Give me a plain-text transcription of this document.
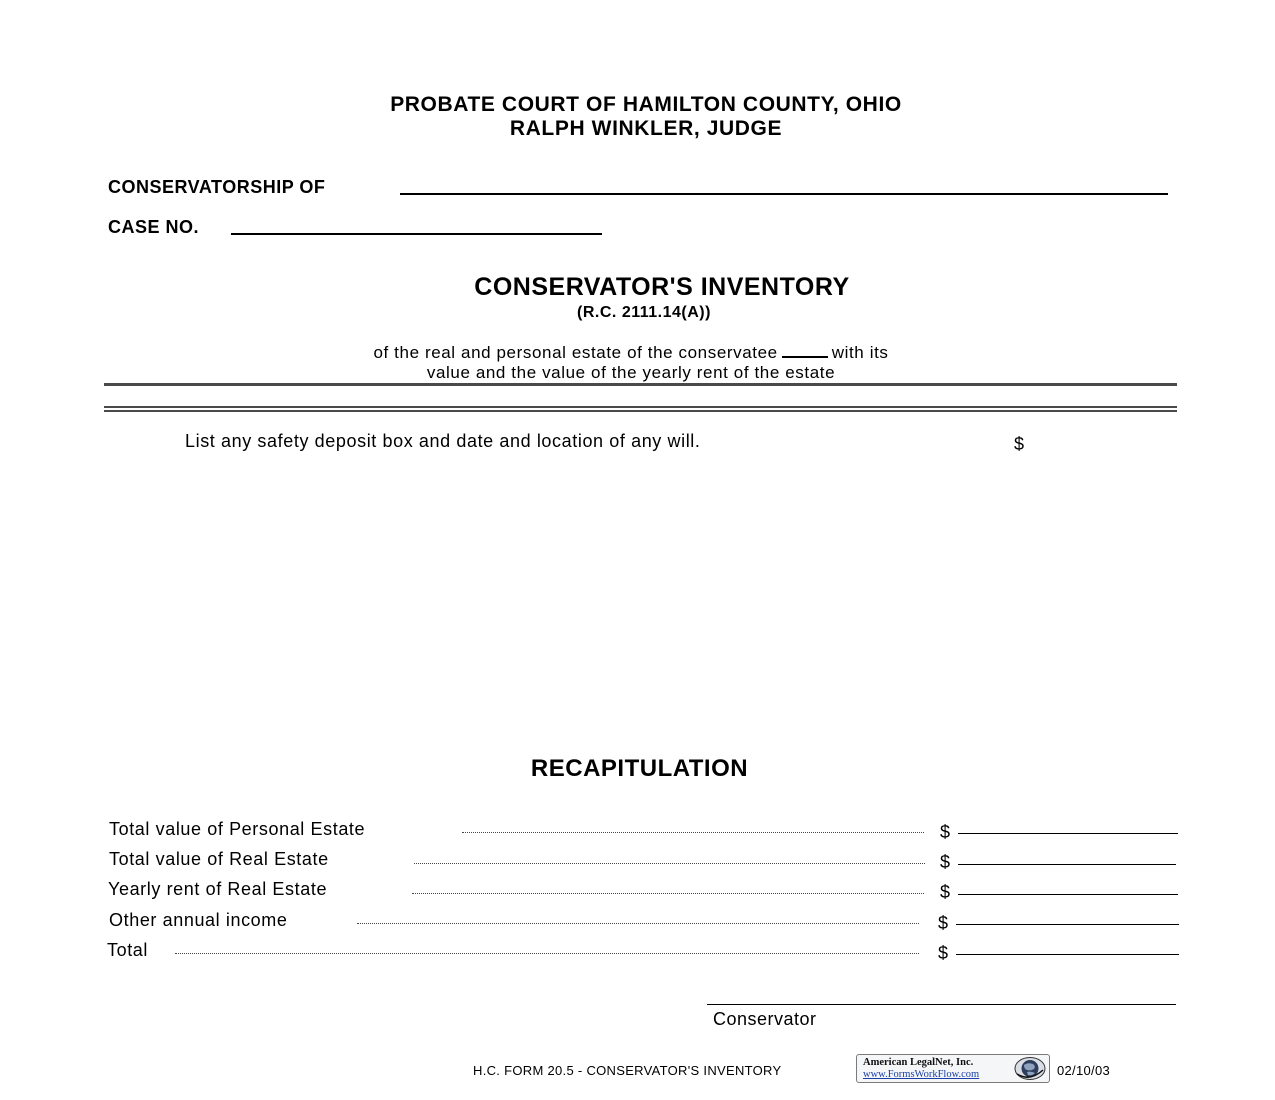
PROBATE COURT OF HAMILTON COUNTY, OHIO
RALPH WINKLER, JUDGE
CONSERVATORSHIP OF
CASE NO.
CONSERVATOR'S INVENTORY
(R.C. 2111.14(A))
of the real and personal estate of the conservatee	with its
value and the value of the yearly rent of the estate
List any safety deposit box and date and location of any will.	$
RECAPITULATION
Total value of Personal Estate	$
Total value of Real Estate	$
Yearly rent of Real Estate	$
Other annual income	$
Total	$
Conservator
H.C. FORM 20.5 - CONSERVATOR'S INVENTORY
American LegalNet, Inc.
www.FormsWorkFlow.com	02/10/03
